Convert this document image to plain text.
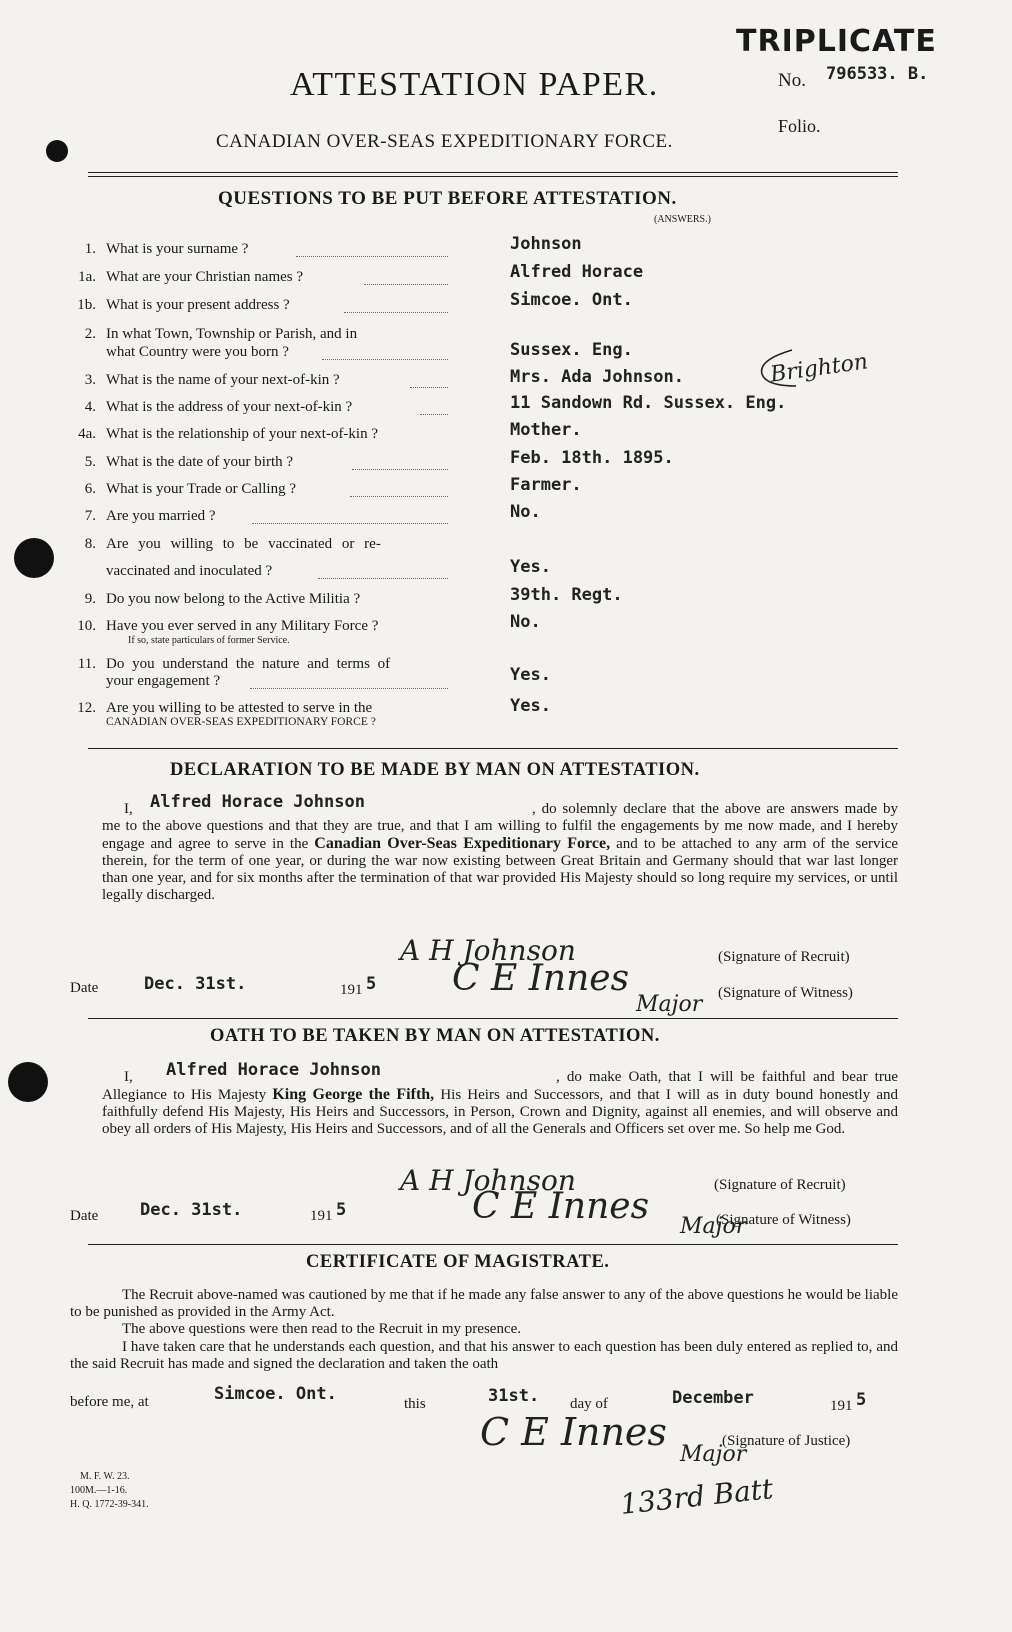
TRIPLICATE
No. 796533. B.
Folio.
ATTESTATION PAPER.
CANADIAN OVER-SEAS EXPEDITIONARY FORCE.
QUESTIONS TO BE PUT BEFORE ATTESTATION.
(ANSWERS.)
1. What is your surname ?	Johnson
1a. What are your Christian names ?	Alfred Horace
1b. What is your present address ?	Simcoe. Ont.
2. In what Town, Township or Parish, and in
what Country were you born ?	Sussex. Eng.
3. What is the name of your next-of-kin ?	Mrs. Ada Johnson.
4. What is the address of your next-of-kin ?	11 Sandown Rd. Sussex. Eng.
4a. What is the relationship of your next-of-kin ?	Mother.
5. What is the date of your birth ?	Feb. 18th. 1895.
6. What is your Trade or Calling ?	Farmer.
7. Are you married ?	No.
8. Are you willing to be vaccinated or re-
vaccinated and inoculated ?	Yes.
9. Do you now belong to the Active Militia ?	39th. Regt.
10. Have you ever served in any Military Force ?
If so, state particulars of former Service.
No.
11. Do you understand the nature and terms of
your engagement ?	Yes.
12. Are you willing to be attested to serve in the
CANADIAN OVER-SEAS EXPEDITIONARY FORCE ?
Yes.
Brighton
DECLARATION TO BE MADE BY MAN ON ATTESTATION.
I, Alfred Horace Johnson	, do solemnly declare that the above are answers made by me to the above questions and that they are true, and that I am willing to fulfil the engagements by me now made, and I hereby engage and agree to serve in the Canadian Over-Seas Expeditionary Force, and to be attached to any arm of the service therein, for the term of one year, or during the war now existing between Great Britain and Germany should that war last longer than one year, and for six months after the termination of that war provided His Majesty should so long require my services, or until legally discharged.
A H Johnson	(Signature of Recruit)
Date	Dec. 31st.	191 5 C E Innes
Major (Signature of Witness)
OATH TO BE TAKEN BY MAN ON ATTESTATION.
I, Alfred Horace Johnson	, do make Oath, that I will be faithful and bear true Allegiance to His Majesty King George the Fifth, His Heirs and Successors, and that I will as in duty bound honestly and faithfully defend His Majesty, His Heirs and Successors, in Person, Crown and Dignity, against all enemies, and will observe and obey all orders of His Majesty, His Heirs and Successors, and of all the Generals and Officers set over me. So help me God.
A H Johnson	(Signature of Recruit)
Date Dec. 31st.	191 5	C E Innes Major
(Signature of Witness)
CERTIFICATE OF MAGISTRATE.
The Recruit above-named was cautioned by me that if he made any false answer to any of the above questions he would be liable to be punished as provided in the Army Act.
The above questions were then read to the Recruit in my presence.
I have taken care that he understands each question, and that his answer to each question has been duly entered as replied to, and the said Recruit has made and signed the declaration and taken the oath
before me, at	Simcoe. Ont.	this	31st. day of	December	191 5
C E Innes
Major
(Signature of Justice)
133rd Batt
M. F. W. 23.
100M.—1-16.
H. Q. 1772-39-341.
